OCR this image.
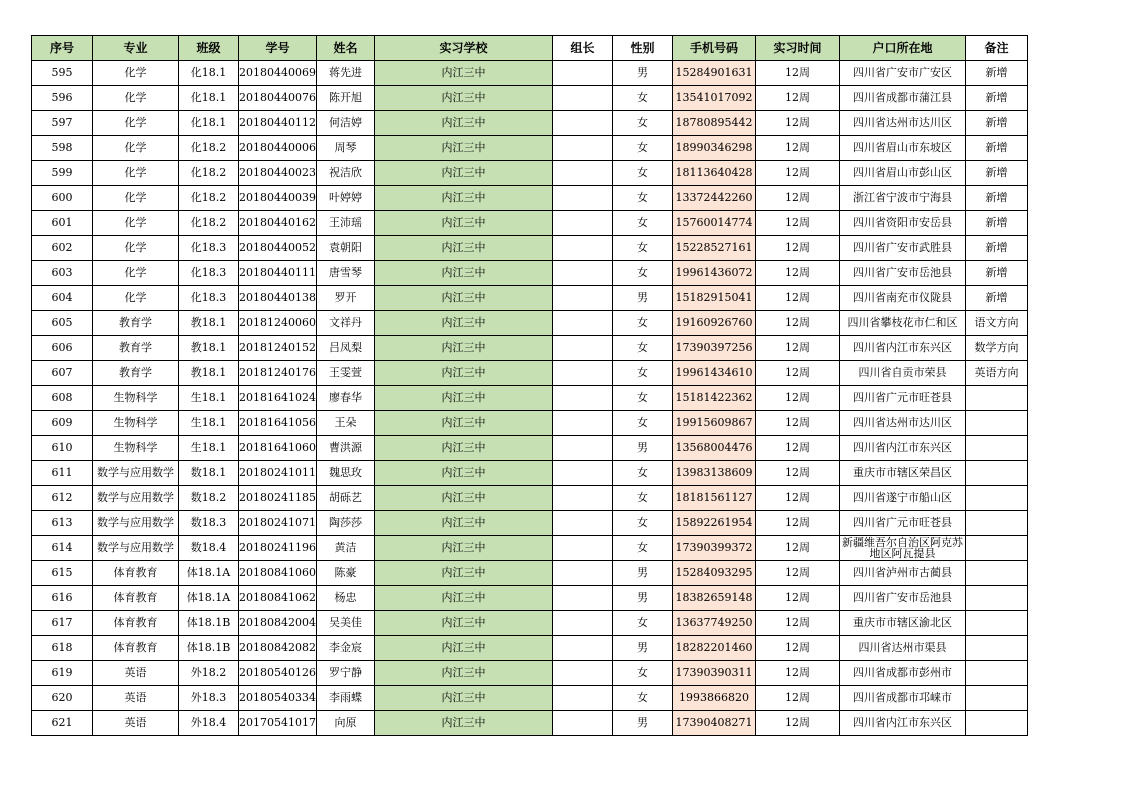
序号	专业	班级	学号	姓名	实习学校	组长	性别	手机号码	实习时间	户口所在地	备注
595	化学	化18.1	20180440069	蒋先进	内江三中		男	15284901631	12周	四川省广安市广安区	新增
596	化学	化18.1	20180440076	陈开旭	内江三中		女	13541017092	12周	四川省成都市蒲江县	新增
597	化学	化18.1	20180440112	何洁婷	内江三中		女	18780895442	12周	四川省达州市达川区	新增
598	化学	化18.2	20180440006	周琴	内江三中		女	18990346298	12周	四川省眉山市东坡区	新增
599	化学	化18.2	20180440023	祝洁欣	内江三中		女	18113640428	12周	四川省眉山市彭山区	新增
600	化学	化18.2	20180440039	叶婷婷	内江三中		女	13372442260	12周	浙江省宁波市宁海县	新增
601	化学	化18.2	20180440162	王沛瑶	内江三中		女	15760014774	12周	四川省资阳市安岳县	新增
602	化学	化18.3	20180440052	袁朝阳	内江三中		女	15228527161	12周	四川省广安市武胜县	新增
603	化学	化18.3	20180440111	唐雪琴	内江三中		女	19961436072	12周	四川省广安市岳池县	新增
604	化学	化18.3	20180440138	罗开	内江三中		男	15182915041	12周	四川省南充市仪陇县	新增
605	教育学	教18.1	20181240060	文祥丹	内江三中		女	19160926760	12周	四川省攀枝花市仁和区	语文方向
606	教育学	教18.1	20181240152	吕凤梨	内江三中		女	17390397256	12周	四川省内江市东兴区	数学方向
607	教育学	教18.1	20181240176	王雯萱	内江三中		女	19961434610	12周	四川省自贡市荣县	英语方向
608	生物科学	生18.1	20181641024	廖春华	内江三中		女	15181422362	12周	四川省广元市旺苍县	
609	生物科学	生18.1	20181641056	王朵	内江三中		女	19915609867	12周	四川省达州市达川区	
610	生物科学	生18.1	20181641060	曹洪源	内江三中		男	13568004476	12周	四川省内江市东兴区	
611	数学与应用数学	数18.1	20180241011	魏思玫	内江三中		女	13983138609	12周	重庆市市辖区荣昌区	
612	数学与应用数学	数18.2	20180241185	胡砾艺	内江三中		女	18181561127	12周	四川省遂宁市船山区	
613	数学与应用数学	数18.3	20180241071	陶莎莎	内江三中		女	15892261954	12周	四川省广元市旺苍县	
614	数学与应用数学	数18.4	20180241196	黄洁	内江三中		女	17390399372	12周	新疆维吾尔自治区阿克苏地区阿瓦提县	
615	体育教育	体18.1A	20180841060	陈豪	内江三中		男	15284093295	12周	四川省泸州市古蔺县	
616	体育教育	体18.1A	20180841062	杨忠	内江三中		男	18382659148	12周	四川省广安市岳池县	
617	体育教育	体18.1B	20180842004	吴美佳	内江三中		女	13637749250	12周	重庆市市辖区渝北区	
618	体育教育	体18.1B	20180842082	李金宸	内江三中		男	18282201460	12周	四川省达州市渠县	
619	英语	外18.2	20180540126	罗宁静	内江三中		女	17390390311	12周	四川省成都市彭州市	
620	英语	外18.3	20180540334	李雨蝶	内江三中		女	1993866820	12周	四川省成都市邛崃市	
621	英语	外18.4	20170541017	向原	内江三中		男	17390408271	12周	四川省内江市东兴区	
